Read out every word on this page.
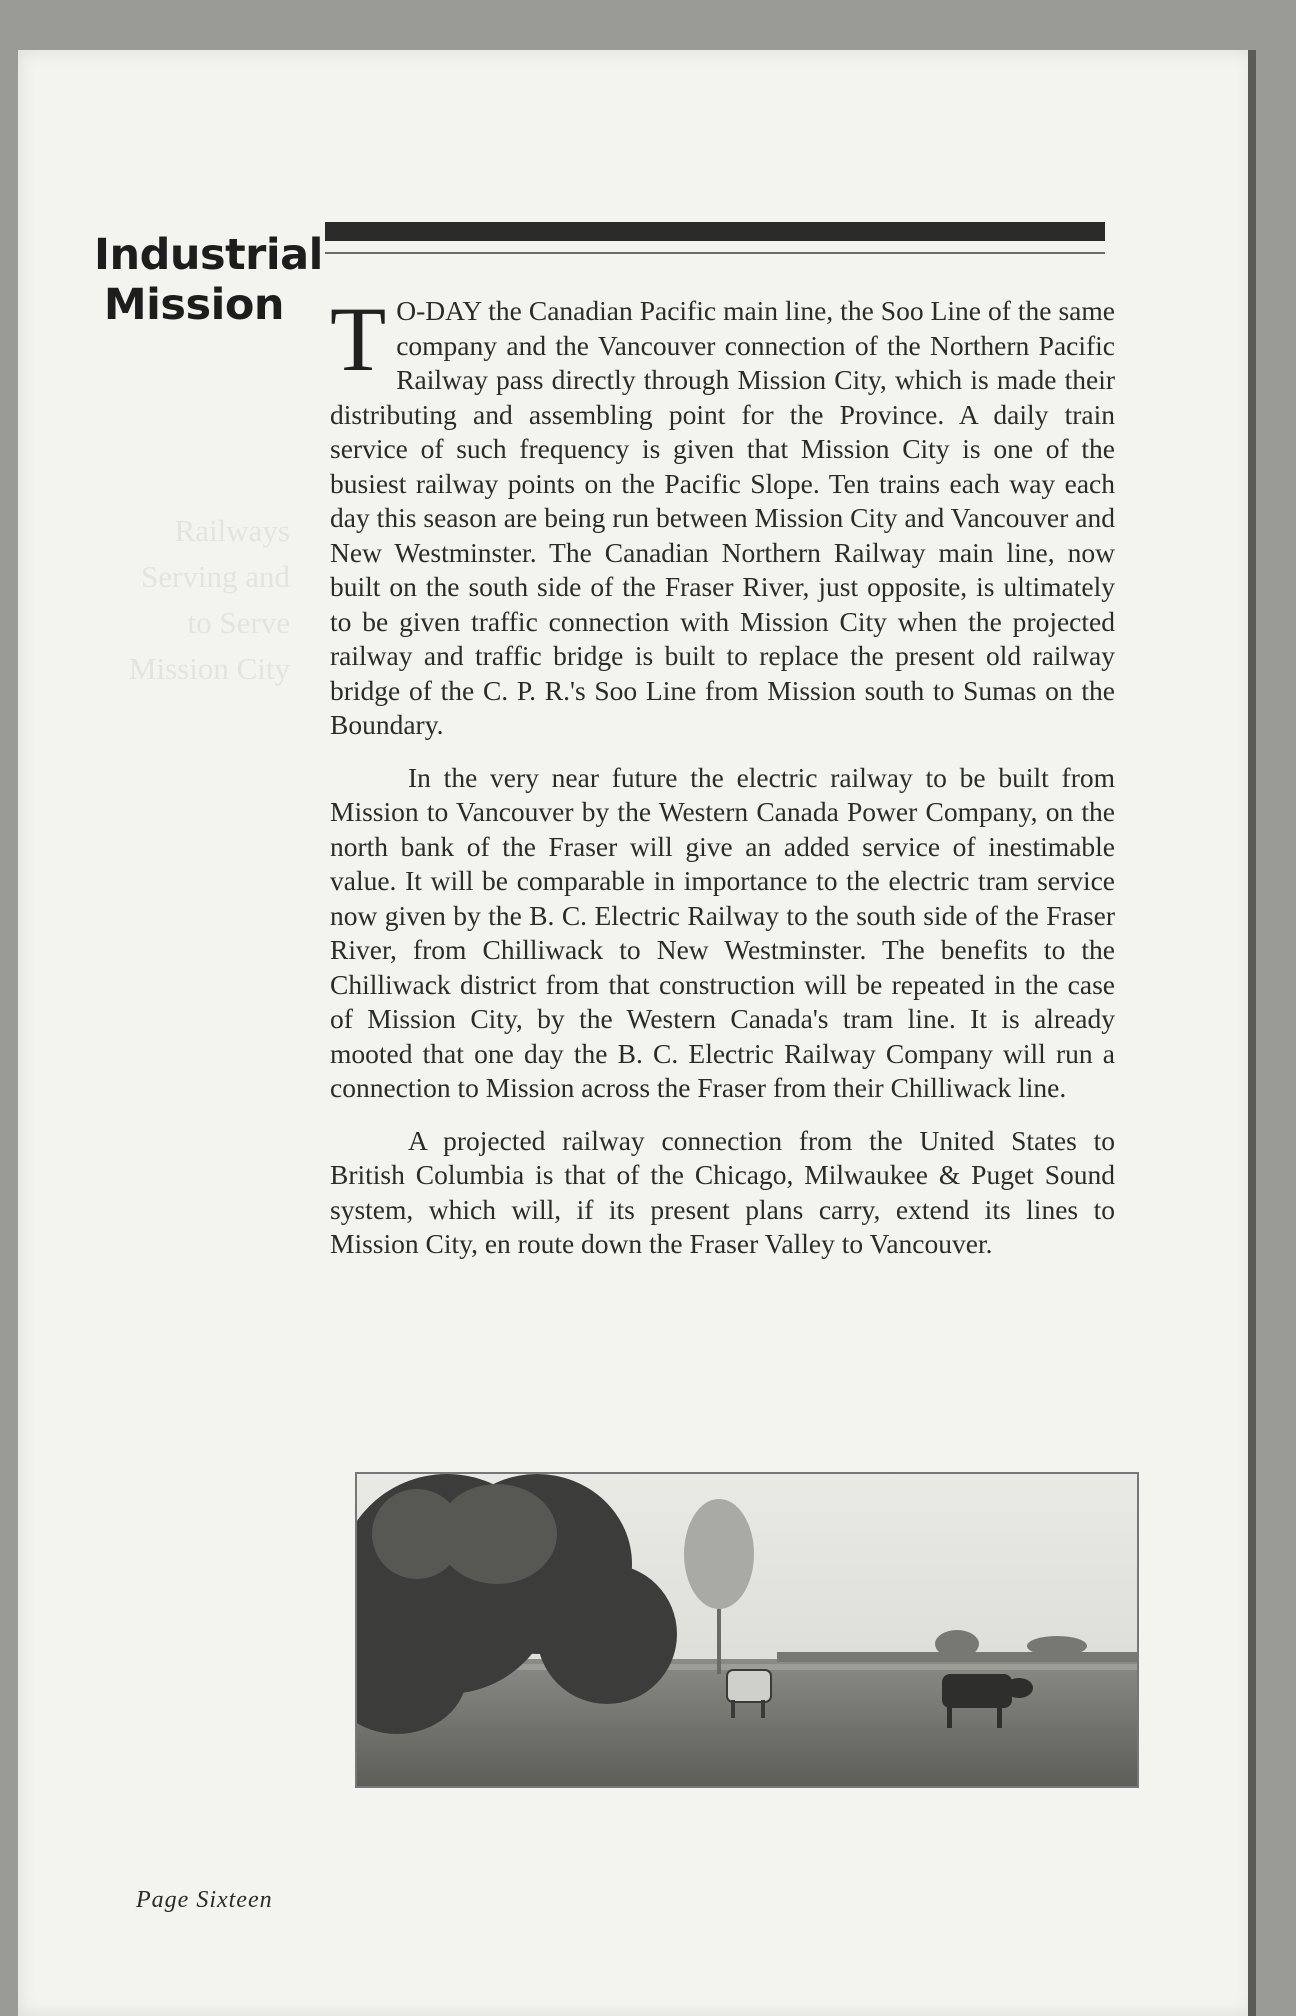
Industrial
Mission
Railways
Serving and
to Serve
Mission City

T O-DAY the Canadian Pacific main line, the Soo Line of the same company and the Vancouver connection of the Northern Pacific Railway pass directly through Mission City, which is made their distributing and assembling point for the Province. A daily train service of such frequency is given that Mission City is one of the busiest railway points on the Pacific Slope. Ten trains each way each day this season are being run between Mission City and Vancouver and New Westminster. The Canadian Northern Railway main line, now built on the south side of the Fraser River, just opposite, is ultimately to be given traffic connection with Mission City when the projected railway and traffic bridge is built to replace the present old railway bridge of the C. P. R.'s Soo Line from Mission south to Sumas on the Boundary.

In the very near future the electric railway to be built from Mission to Vancouver by the Western Canada Power Company, on the north bank of the Fraser will give an added service of inestimable value. It will be comparable in importance to the electric tram service now given by the B. C. Electric Railway to the south side of the Fraser River, from Chilliwack to New Westminster. The benefits to the Chilliwack district from that construction will be repeated in the case of Mission City, by the Western Canada's tram line. It is already mooted that one day the B. C. Electric Railway Company will run a connection to Mission across the Fraser from their Chilliwack line.

A projected railway connection from the United States to British Columbia is that of the Chicago, Milwaukee & Puget Sound system, which will, if its present plans carry, extend its lines to Mission City, en route down the Fraser Valley to Vancouver.

Page Sixteen
